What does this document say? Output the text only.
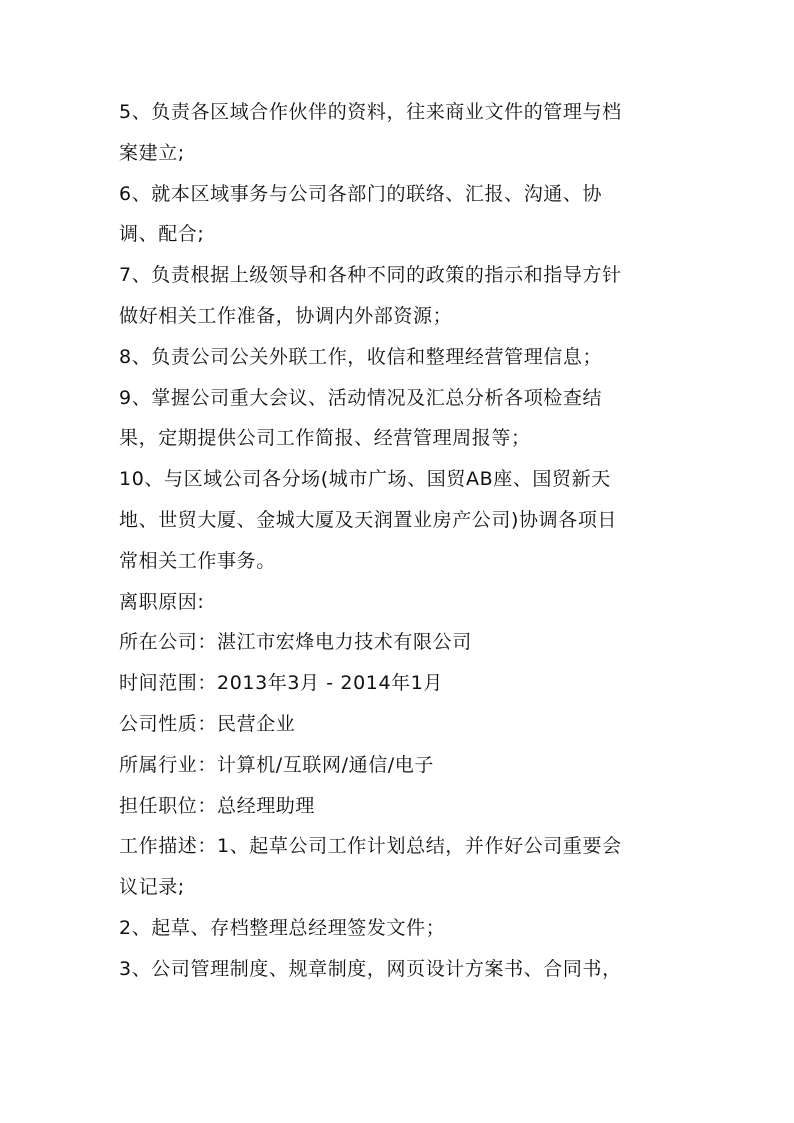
5、负责各区域合作伙伴的资料，往来商业文件的管理与档
案建立;
6、就本区域事务与公司各部门的联络、汇报、沟通、协
调、配合;
7、负责根据上级领导和各种不同的政策的指示和指导方针
做好相关工作准备，协调内外部资源；
8、负责公司公关外联工作，收信和整理经营管理信息；
9、掌握公司重大会议、活动情况及汇总分析各项检查结
果，定期提供公司工作简报、经营管理周报等；
10、与区域公司各分场(城市广场、国贸AB座、国贸新天
地、世贸大厦、金城大厦及天润置业房产公司)协调各项日
常相关工作事务。
离职原因:
所在公司：湛江市宏烽电力技术有限公司
时间范围：2013年3月 - 2014年1月
公司性质：民营企业
所属行业：计算机/互联网/通信/电子
担任职位：总经理助理
工作描述：1、起草公司工作计划总结，并作好公司重要会
议记录;
2、起草、存档整理总经理签发文件；
3、公司管理制度、规章制度，网页设计方案书、合同书，
